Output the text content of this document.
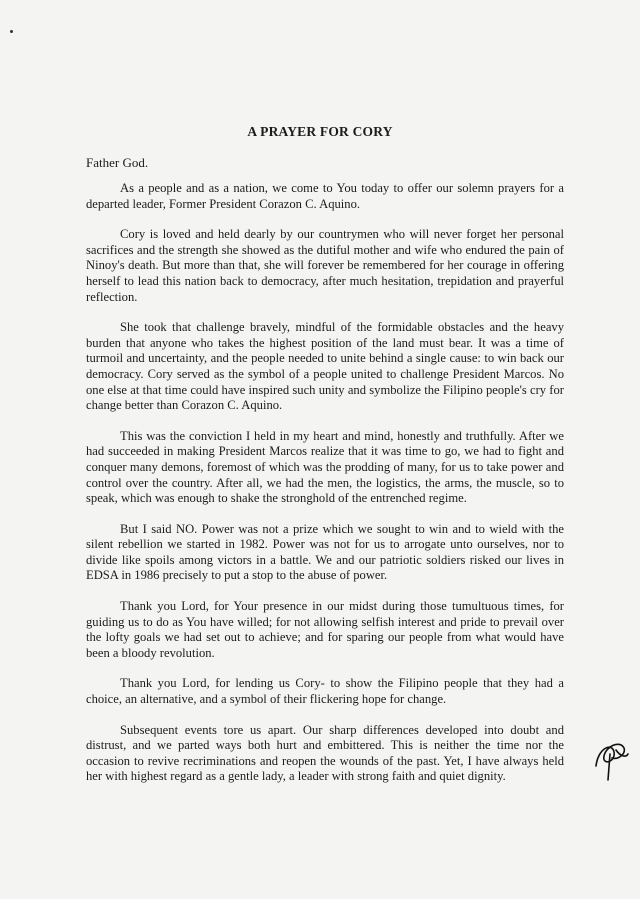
A PRAYER FOR CORY
Father God.

As a people and as a nation, we come to You today to offer our solemn prayers for a departed leader, Former President Corazon C. Aquino.

Cory is loved and held dearly by our countrymen who will never forget her personal sacrifices and the strength she showed as the dutiful mother and wife who endured the pain of Ninoy's death. But more than that, she will forever be remembered for her courage in offering herself to lead this nation back to democracy, after much hesitation, trepidation and prayerful reflection.

She took that challenge bravely, mindful of the formidable obstacles and the heavy burden that anyone who takes the highest position of the land must bear. It was a time of turmoil and uncertainty, and the people needed to unite behind a single cause: to win back our democracy. Cory served as the symbol of a people united to challenge President Marcos. No one else at that time could have inspired such unity and symbolize the Filipino people's cry for change better than Corazon C. Aquino.

This was the conviction I held in my heart and mind, honestly and truthfully. After we had succeeded in making President Marcos realize that it was time to go, we had to fight and conquer many demons, foremost of which was the prodding of many, for us to take power and control over the country. After all, we had the men, the logistics, the arms, the muscle, so to speak, which was enough to shake the stronghold of the entrenched regime.

But I said NO. Power was not a prize which we sought to win and to wield with the silent rebellion we started in 1982. Power was not for us to arrogate unto ourselves, nor to divide like spoils among victors in a battle. We and our patriotic soldiers risked our lives in EDSA in 1986 precisely to put a stop to the abuse of power.

Thank you Lord, for Your presence in our midst during those tumultuous times, for guiding us to do as You have willed; for not allowing selfish interest and pride to prevail over the lofty goals we had set out to achieve; and for sparing our people from what would have been a bloody revolution.

Thank you Lord, for lending us Cory- to show the Filipino people that they had a choice, an alternative, and a symbol of their flickering hope for change.

Subsequent events tore us apart. Our sharp differences developed into doubt and distrust, and we parted ways both hurt and embittered. This is neither the time nor the occasion to revive recriminations and reopen the wounds of the past. Yet, I have always held her with highest regard as a gentle lady, a leader with strong faith and quiet dignity.
